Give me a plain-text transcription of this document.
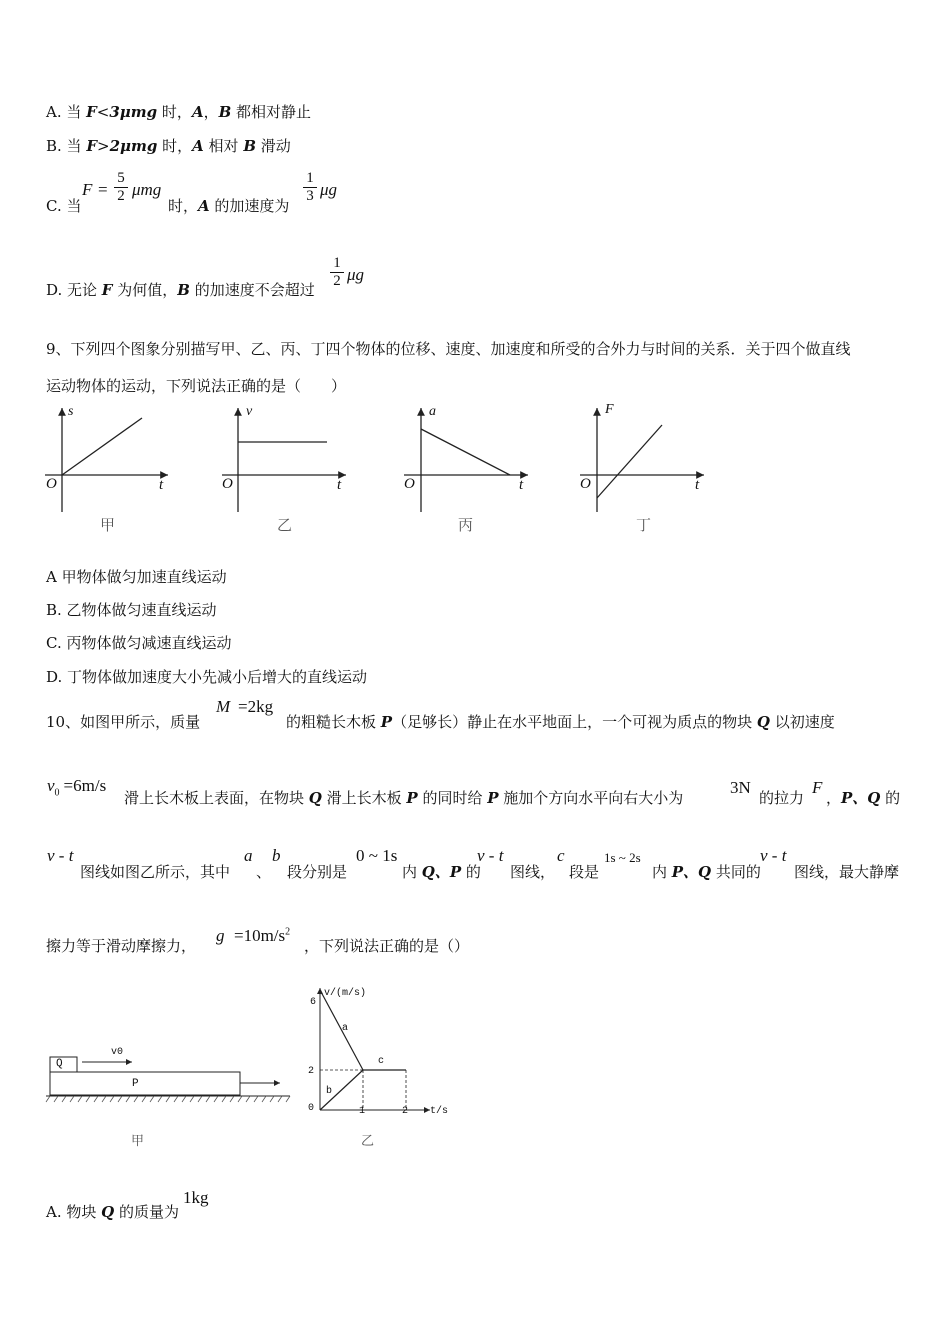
A. 当 F<3μmg 时，A，B 都相对静止
B. 当 F>2μmg 时，A 相对 B 滑动
C. 当
$F = \frac{5}{2}$ μmg
时，A 的加速度为
$\frac{1}{3}$ μg
D. 无论 F 为何值，B 的加速度不会超过 $\frac{1}{2}$ μg
9、下列四个图象分别描写甲、乙、丙、丁四个物体的位移、速度、加速度和所受的合外力与时间的关系．关于四个做直线
运动物体的运动，下列说法正确的是（　　）
s
t
O
甲
v
t
O
乙
a
t
O
丙
F
t
O
丁
A 甲物体做匀加速直线运动
B. 乙物体做匀速直线运动
C. 丙物体做匀减速直线运动
D. 丁物体做加速度大小先减小后增大的直线运动
10、如图甲所示，质量
M =2kg
的粗糙长木板 P（足够长）静止在水平地面上，一个可视为质点的物块 Q 以初速度
$v_0 =6m/s$
滑上长木板上表面，在物块 Q 滑上长木板 P 的同时给 P 施加个方向水平向右大小为
3N
的拉力
F
，P、Q 的
v - t
图线如图乙所示，其中
a
、
b
段分别是
0 ~ 1s
内 Q、P 的
v - t
图线，
c
段是
1s ~ 2s
内 P、Q 共同的
v - t
图线，最大静摩
擦力等于滑动摩擦力，
$g =10m/s^2$
，下列说法正确的是（）
Q
v0
P
甲
v/(m/s)
t/s
6
2
0	1	2
a
b
c
乙
A. 物块 Q 的质量为
1kg
